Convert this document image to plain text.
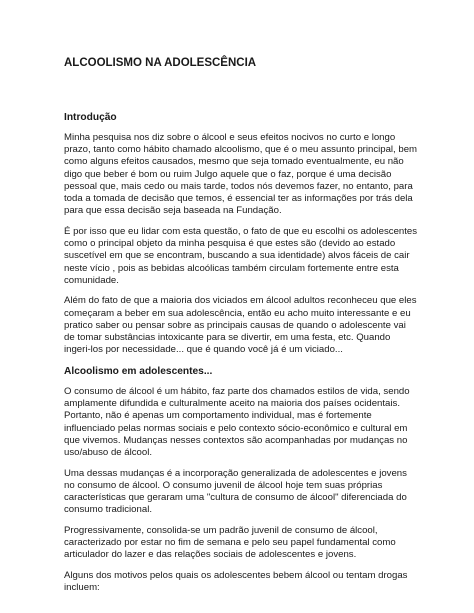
ALCOOLISMO NA ADOLESCÊNCIA
Introdução

Minha pesquisa nos diz sobre o álcool e seus efeitos nocivos no curto e longo
prazo, tanto como hábito chamado alcoolismo, que é o meu assunto principal, bem
como alguns efeitos causados, mesmo que seja tomado eventualmente, eu não
digo que beber é bom ou ruim Julgo aquele que o faz, porque é uma decisão
pessoal que, mais cedo ou mais tarde, todos nós devemos fazer, no entanto, para
toda a tomada de decisão que temos, é essencial ter as informações por trás dela
para que essa decisão seja baseada na Fundação.

É por isso que eu lidar com esta questão, o fato de que eu escolhi os adolescentes
como o principal objeto da minha pesquisa é que estes são (devido ao estado
suscetível em que se encontram, buscando a sua identidade) alvos fáceis de cair
neste vício , pois as bebidas alcoólicas também circulam fortemente entre esta
comunidade.

Além do fato de que a maioria dos viciados em álcool adultos reconheceu que eles
começaram a beber em sua adolescência, então eu acho muito interessante e eu
pratico saber ou pensar sobre as principais causas de quando o adolescente vai
de tomar substâncias intoxicante para se divertir, em uma festa, etc. Quando
ingeri-los por necessidade... que é quando você já é um viciado...

Alcoolismo em adolescentes...

O consumo de álcool é um hábito, faz parte dos chamados estilos de vida, sendo
amplamente difundida e culturalmente aceito na maioria dos países ocidentais.
Portanto, não é apenas um comportamento individual, mas é fortemente
influenciado pelas normas sociais e pelo contexto sócio-econômico e cultural em
que vivemos. Mudanças nesses contextos são acompanhadas por mudanças no
uso/abuso de álcool.

Uma dessas mudanças é a incorporação generalizada de adolescentes e jovens
no consumo de álcool. O consumo juvenil de álcool hoje tem suas próprias
características que geraram uma "cultura de consumo de álcool" diferenciada do
consumo tradicional.

Progressivamente, consolida-se um padrão juvenil de consumo de álcool,
caracterizado por estar no fim de semana e pelo seu papel fundamental como
articulador do lazer e das relações sociais de adolescentes e jovens.

Alguns dos motivos pelos quais os adolescentes bebem álcool ou tentam drogas
incluem:
